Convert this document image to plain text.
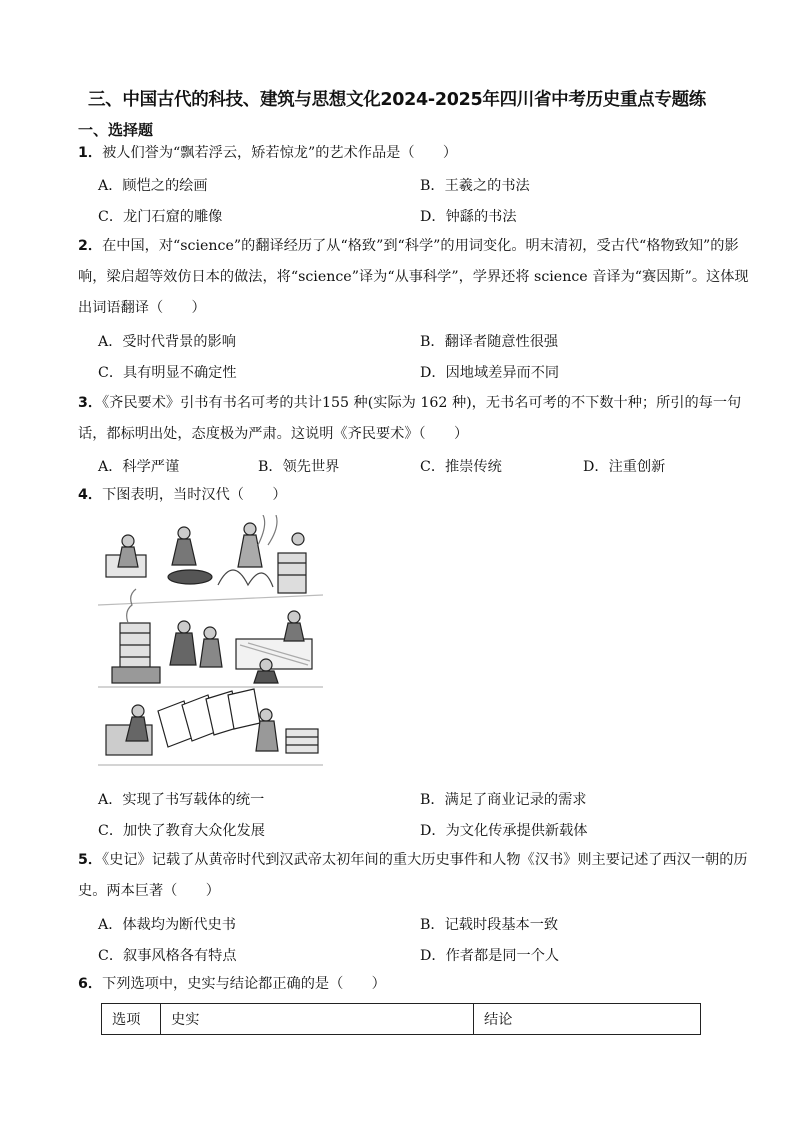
三、中国古代的科技、建筑与思想文化2024-2025年四川省中考历史重点专题练
一、选择题
1．被人们誉为“飘若浮云，矫若惊龙”的艺术作品是（　　）
A．顾恺之的绘画	B．王羲之的书法
C．龙门石窟的雕像	D．钟繇的书法
2．在中国，对“science”的翻译经历了从“格致”到“科学”的用词变化。明末清初，受古代“格物致知”的影响，梁启超等效仿日本的做法，将“science”译为“从事科学”，学界还将 science 音译为“赛因斯”。这体现出词语翻译（　　）
A．受时代背景的影响	B．翻译者随意性很强
C．具有明显不确定性	D．因地域差异而不同
3．《齐民要术》引书有书名可考的共计155 种(实际为 162 种)，无书名可考的不下数十种；所引的每一句话，都标明出处，态度极为严肃。这说明《齐民要术》（　　）
A．科学严谨	B．领先世界	C．推崇传统	D．注重创新
4．下图表明，当时汉代（　　）
A．实现了书写载体的统一	B．满足了商业记录的需求
C．加快了教育大众化发展	D．为文化传承提供新载体
5．《史记》记载了从黄帝时代到汉武帝太初年间的重大历史事件和人物《汉书》则主要记述了西汉一朝的历史。两本巨著（　　）
A．体裁均为断代史书	B．记载时段基本一致
C．叙事风格各有特点	D．作者都是同一个人
6．下列选项中，史实与结论都正确的是（　　）
选项	史实	结论
